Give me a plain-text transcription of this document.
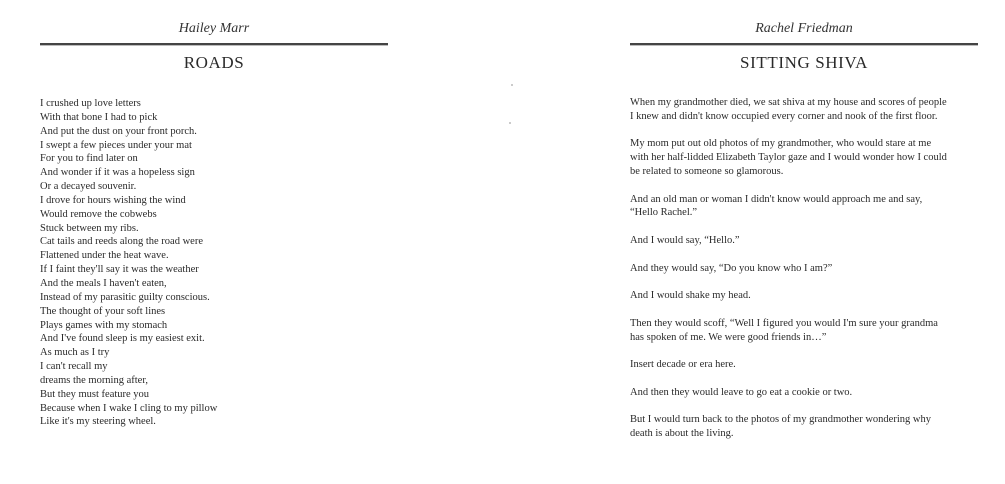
Hailey Marr
ROADS
I crushed up love letters
With that bone I had to pick
And put the dust on your front porch.
I swept a few pieces under your mat
For you to find later on
And wonder if it was a hopeless sign
Or a decayed souvenir.
I drove for hours wishing the wind
Would remove the cobwebs
Stuck between my ribs.
Cat tails and reeds along the road were
Flattened under the heat wave.
If I faint they'll say it was the weather
And the meals I haven't eaten,
Instead of my parasitic guilty conscious.
The thought of your soft lines
Plays games with my stomach
And I've found sleep is my easiest exit.
As much as I try
I can't recall my
dreams the morning after,
But they must feature you
Because when I wake I cling to my pillow
Like it's my steering wheel.
Rachel Friedman
SITTING SHIVA
When my grandmother died, we sat shiva at my house and scores of people
I knew and didn't know occupied every corner and nook of the first floor.
My mom put out old photos of my grandmother, who would stare at me
with her half-lidded Elizabeth Taylor gaze and I would wonder how I could
be related to someone so glamorous.
And an old man or woman I didn't know would approach me and say,
“Hello Rachel.”
And I would say, “Hello.”
And they would say, “Do you know who I am?”
And I would shake my head.
Then they would scoff, “Well I figured you would I'm sure your grandma
has spoken of me. We were good friends in…”
Insert decade or era here.
And then they would leave to go eat a cookie or two.
But I would turn back to the photos of my grandmother wondering why
death is about the living.
